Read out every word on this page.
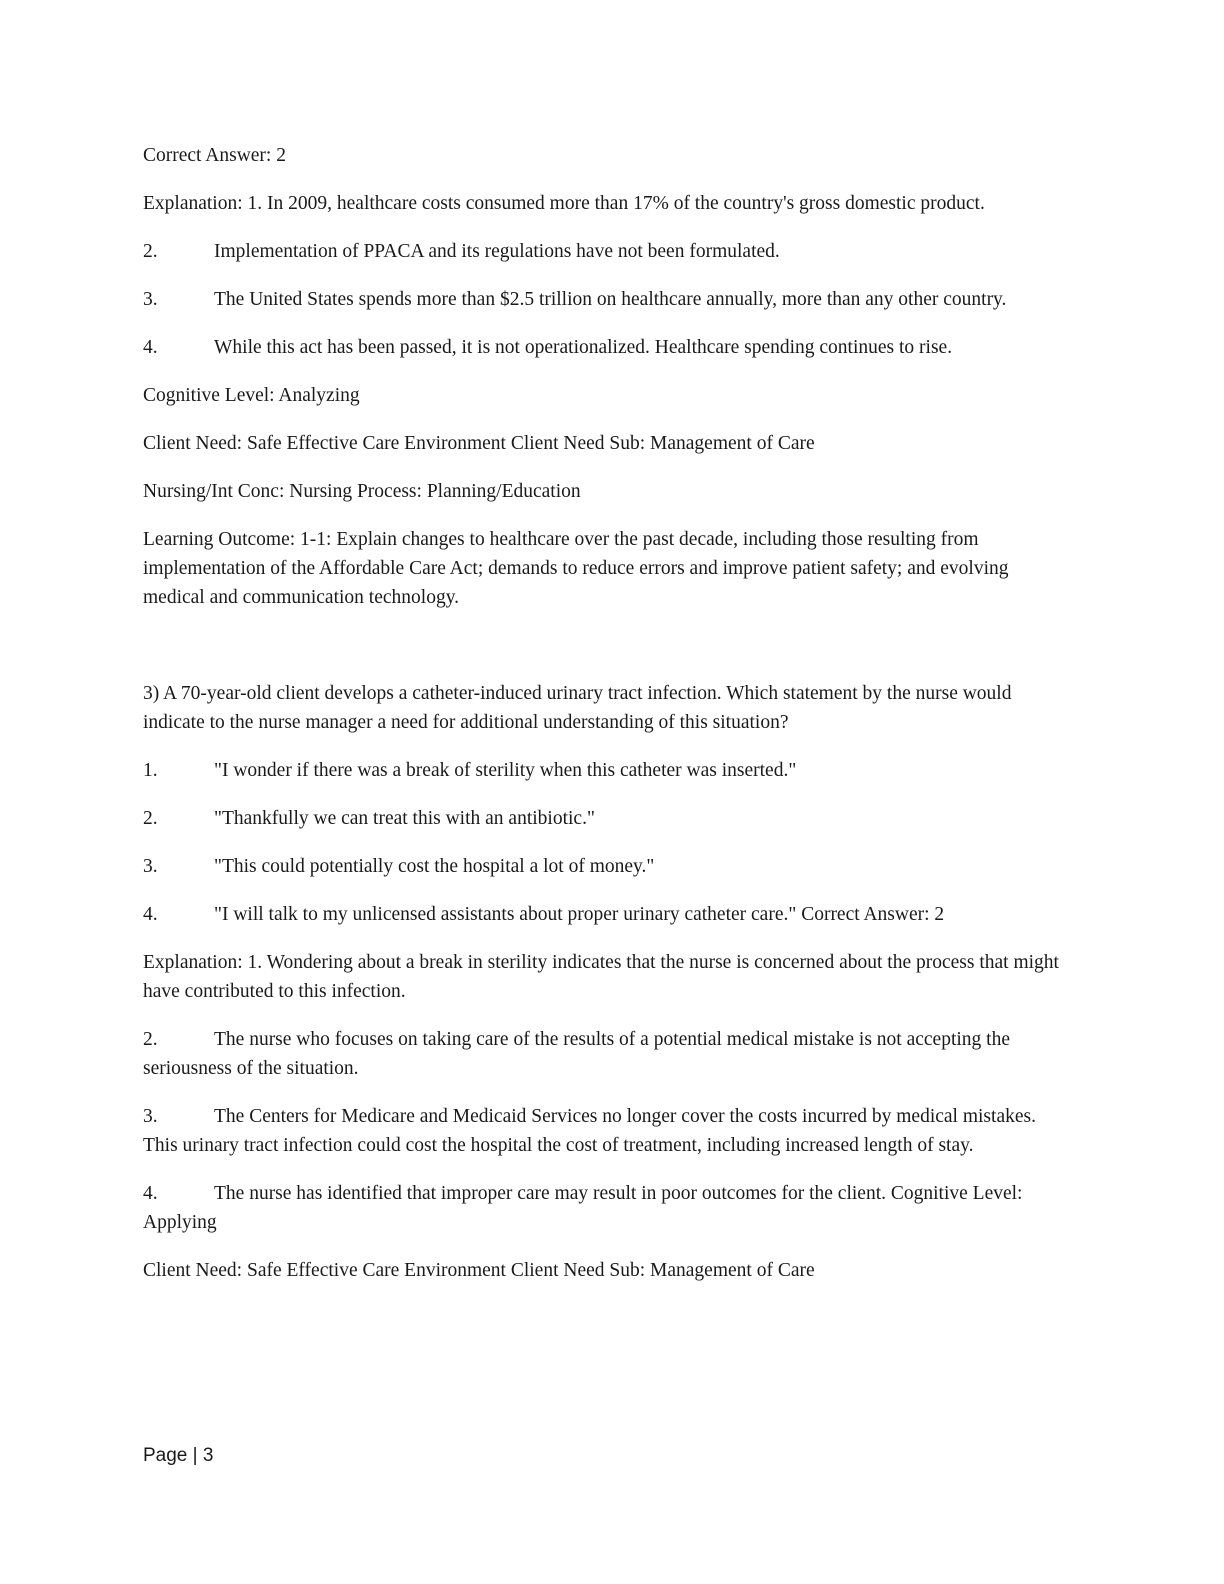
Correct Answer: 2

Explanation: 1. In 2009, healthcare costs consumed more than 17% of the country's gross domestic product.

2.	Implementation of PPACA and its regulations have not been formulated.

3.	The United States spends more than $2.5 trillion on healthcare annually, more than any other country.

4.	While this act has been passed, it is not operationalized. Healthcare spending continues to rise.

Cognitive Level: Analyzing

Client Need: Safe Effective Care Environment Client Need Sub: Management of Care

Nursing/Int Conc: Nursing Process: Planning/Education

Learning Outcome: 1-1: Explain changes to healthcare over the past decade, including those resulting from implementation of the Affordable Care Act; demands to reduce errors and improve patient safety; and evolving medical and communication technology.

3) A 70-year-old client develops a catheter-induced urinary tract infection. Which statement by the nurse would indicate to the nurse manager a need for additional understanding of this situation?

1.	"I wonder if there was a break of sterility when this catheter was inserted."

2.	"Thankfully we can treat this with an antibiotic."

3.	"This could potentially cost the hospital a lot of money."

4.	"I will talk to my unlicensed assistants about proper urinary catheter care." Correct Answer: 2

Explanation: 1. Wondering about a break in sterility indicates that the nurse is concerned about the process that might have contributed to this infection.

2.	The nurse who focuses on taking care of the results of a potential medical mistake is not accepting the seriousness of the situation.

3.	The Centers for Medicare and Medicaid Services no longer cover the costs incurred by medical mistakes. This urinary tract infection could cost the hospital the cost of treatment, including increased length of stay.

4.	The nurse has identified that improper care may result in poor outcomes for the client. Cognitive Level: Applying

Client Need: Safe Effective Care Environment Client Need Sub: Management of Care

Page | 3
